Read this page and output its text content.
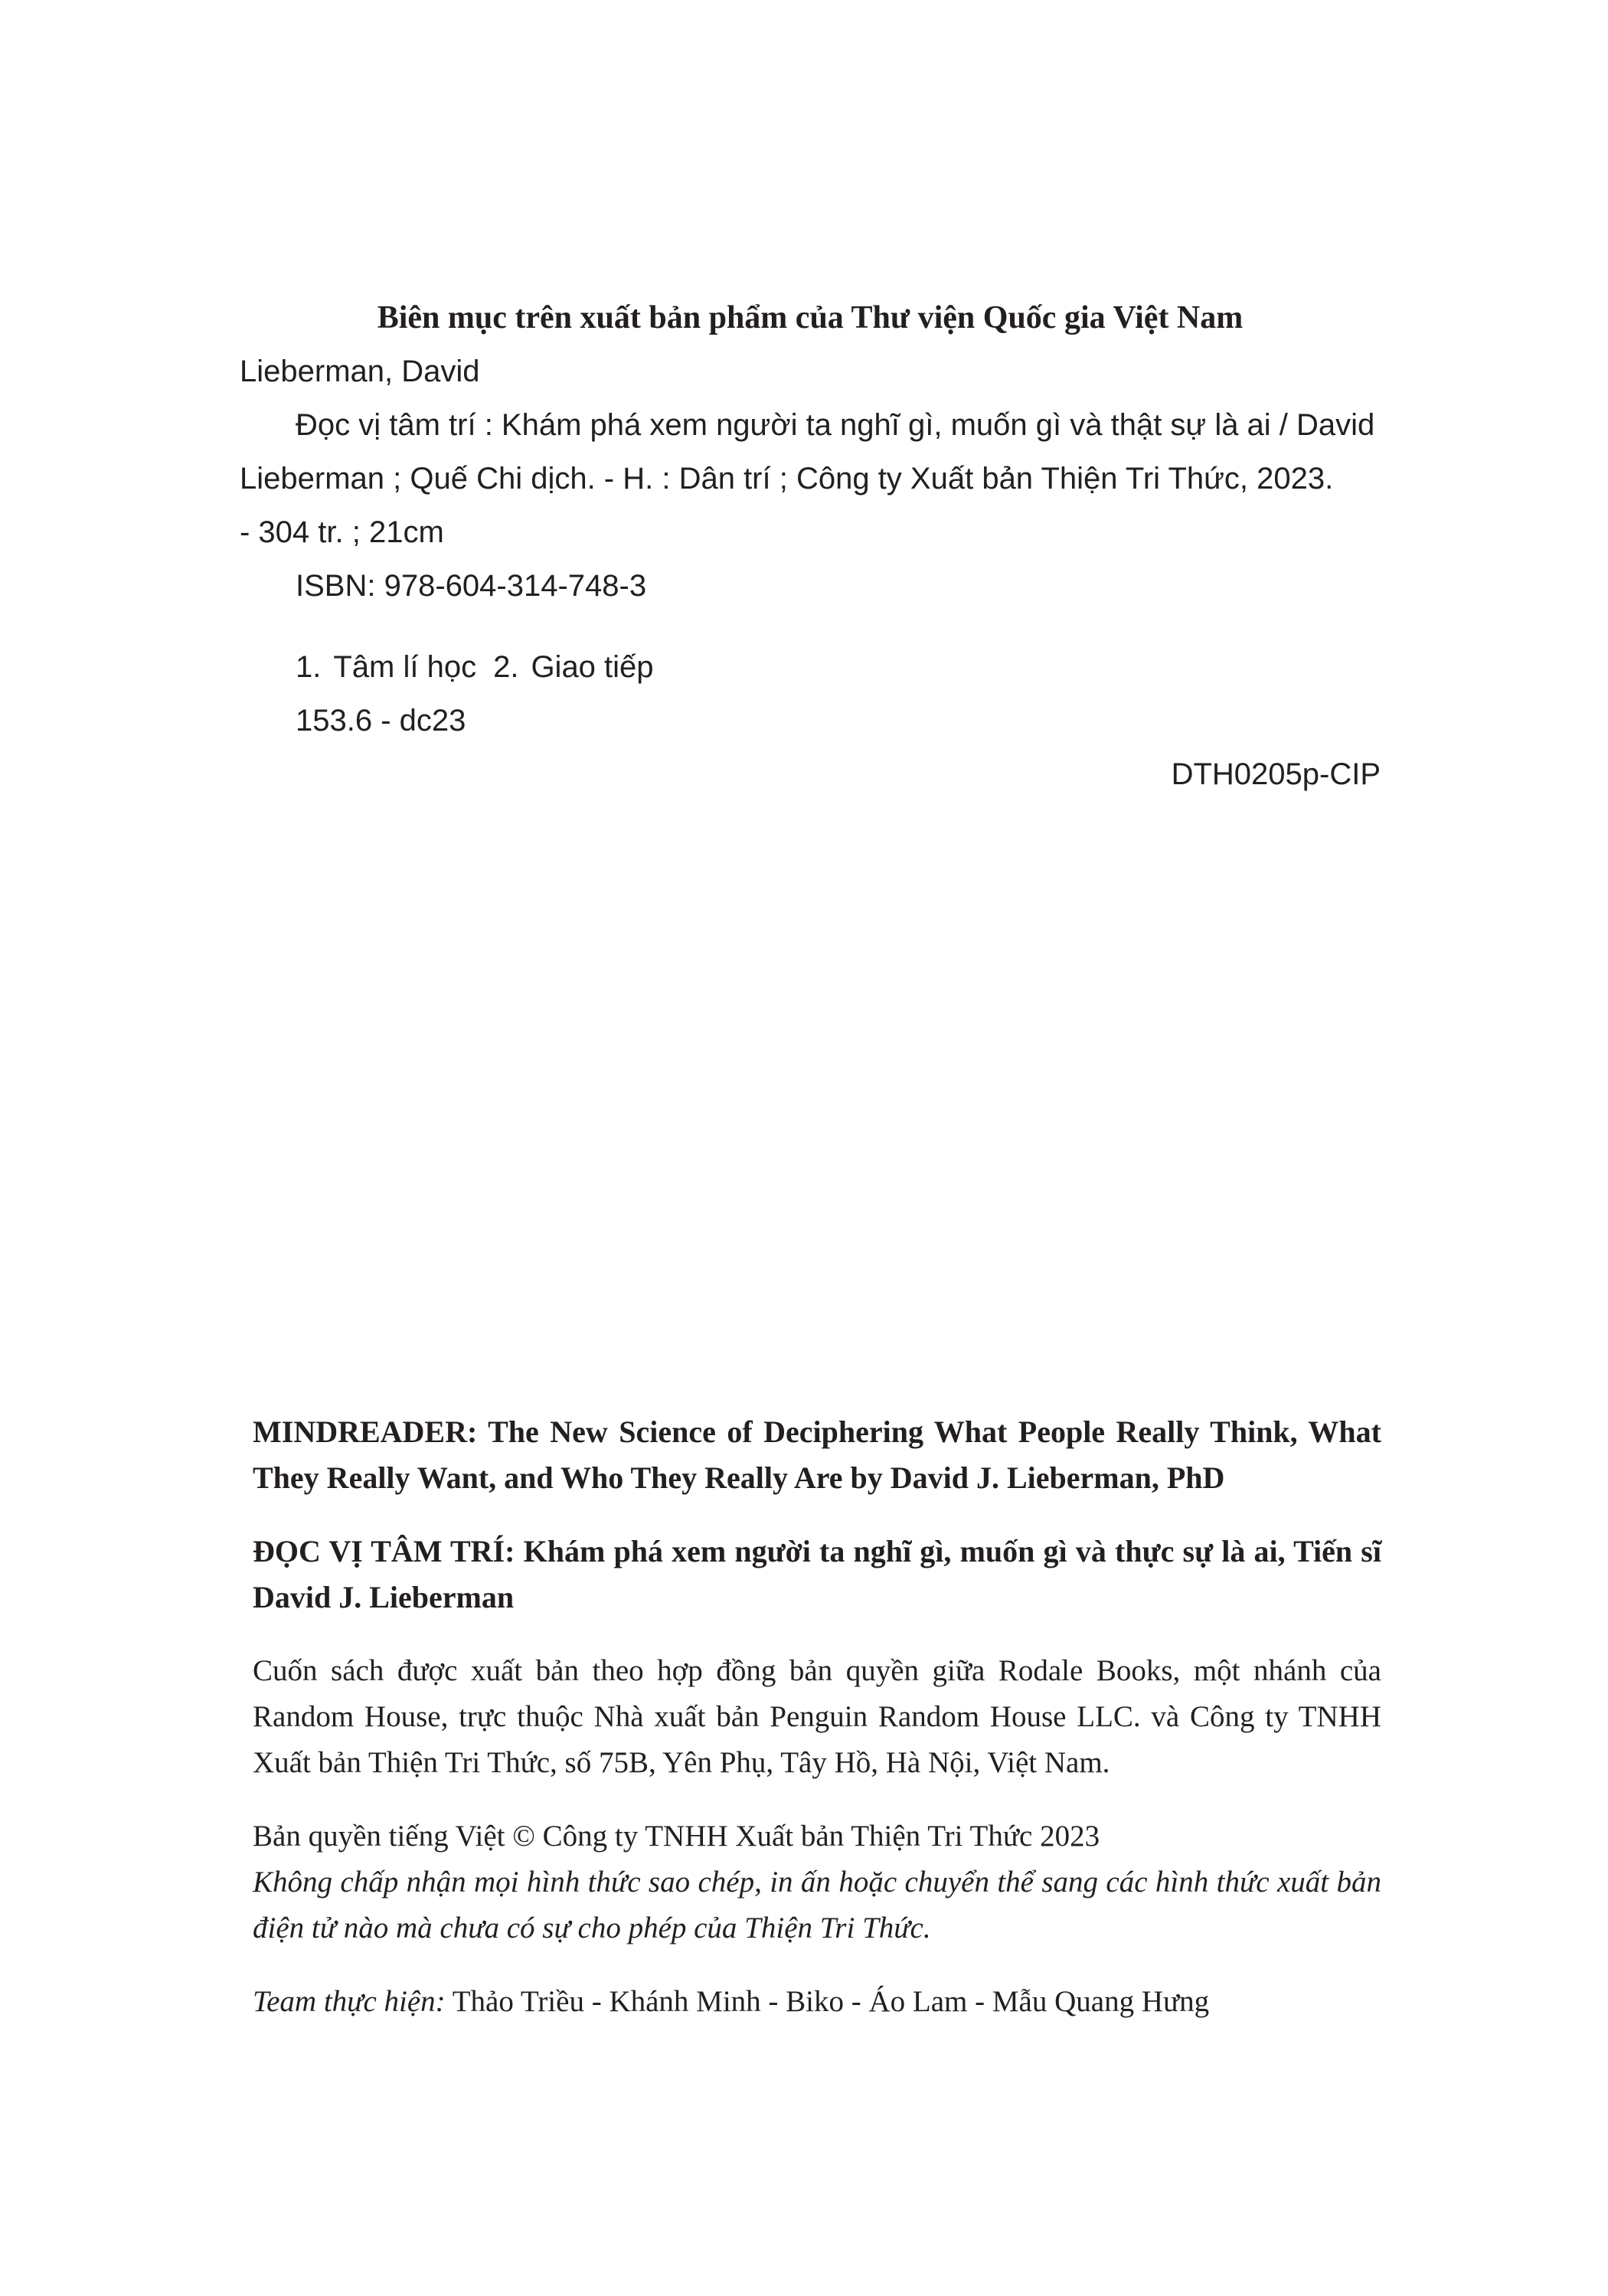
Biên mục trên xuất bản phẩm của Thư viện Quốc gia Việt Nam

Lieberman, David

Đọc vị tâm trí : Khám phá xem người ta nghĩ gì, muốn gì và thật sự là ai / David Lieberman ; Quế Chi dịch. - H. : Dân trí ; Công ty Xuất bản Thiện Tri Thức, 2023.

- 304 tr. ; 21cm

ISBN: 978-604-314-748-3

1. Tâm lí học 2. Giao tiếp

153.6 - dc23

DTH0205p-CIP

MINDREADER: The New Science of Deciphering What People Really Think, What They Really Want, and Who They Really Are by David J. Lieberman, PhD

ĐỌC VỊ TÂM TRÍ: Khám phá xem người ta nghĩ gì, muốn gì và thực sự là ai, Tiến sĩ David J. Lieberman

Cuốn sách được xuất bản theo hợp đồng bản quyền giữa Rodale Books, một nhánh của Random House, trực thuộc Nhà xuất bản Penguin Random House LLC. và Công ty TNHH Xuất bản Thiện Tri Thức, số 75B, Yên Phụ, Tây Hồ, Hà Nội, Việt Nam.

Bản quyền tiếng Việt © Công ty TNHH Xuất bản Thiện Tri Thức 2023

Không chấp nhận mọi hình thức sao chép, in ấn hoặc chuyển thể sang các hình thức xuất bản điện tử nào mà chưa có sự cho phép của Thiện Tri Thức.

Team thực hiện: Thảo Triều - Khánh Minh - Biko - Áo Lam - Mẫu Quang Hưng
